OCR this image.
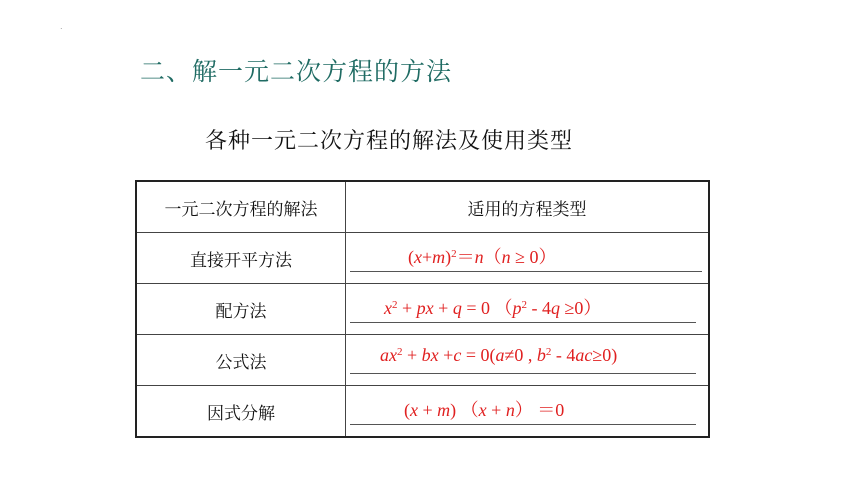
.
二、解一元二次方程的方法
各种一元二次方程的解法及使用类型
一元二次方程的解法	适用的方程类型
直接开平方法	$(x+m)^2=n(n \ge 0)$

配方法	$x^2$ + px + q = 0 $(p^2 - 4q \ge 0)$

公式法	$ax^2$ + bx +c = 0(a≠0 , $b^2 - 4ac\ge 0$)

因式分解	(x + m) （x + n） ＝0
